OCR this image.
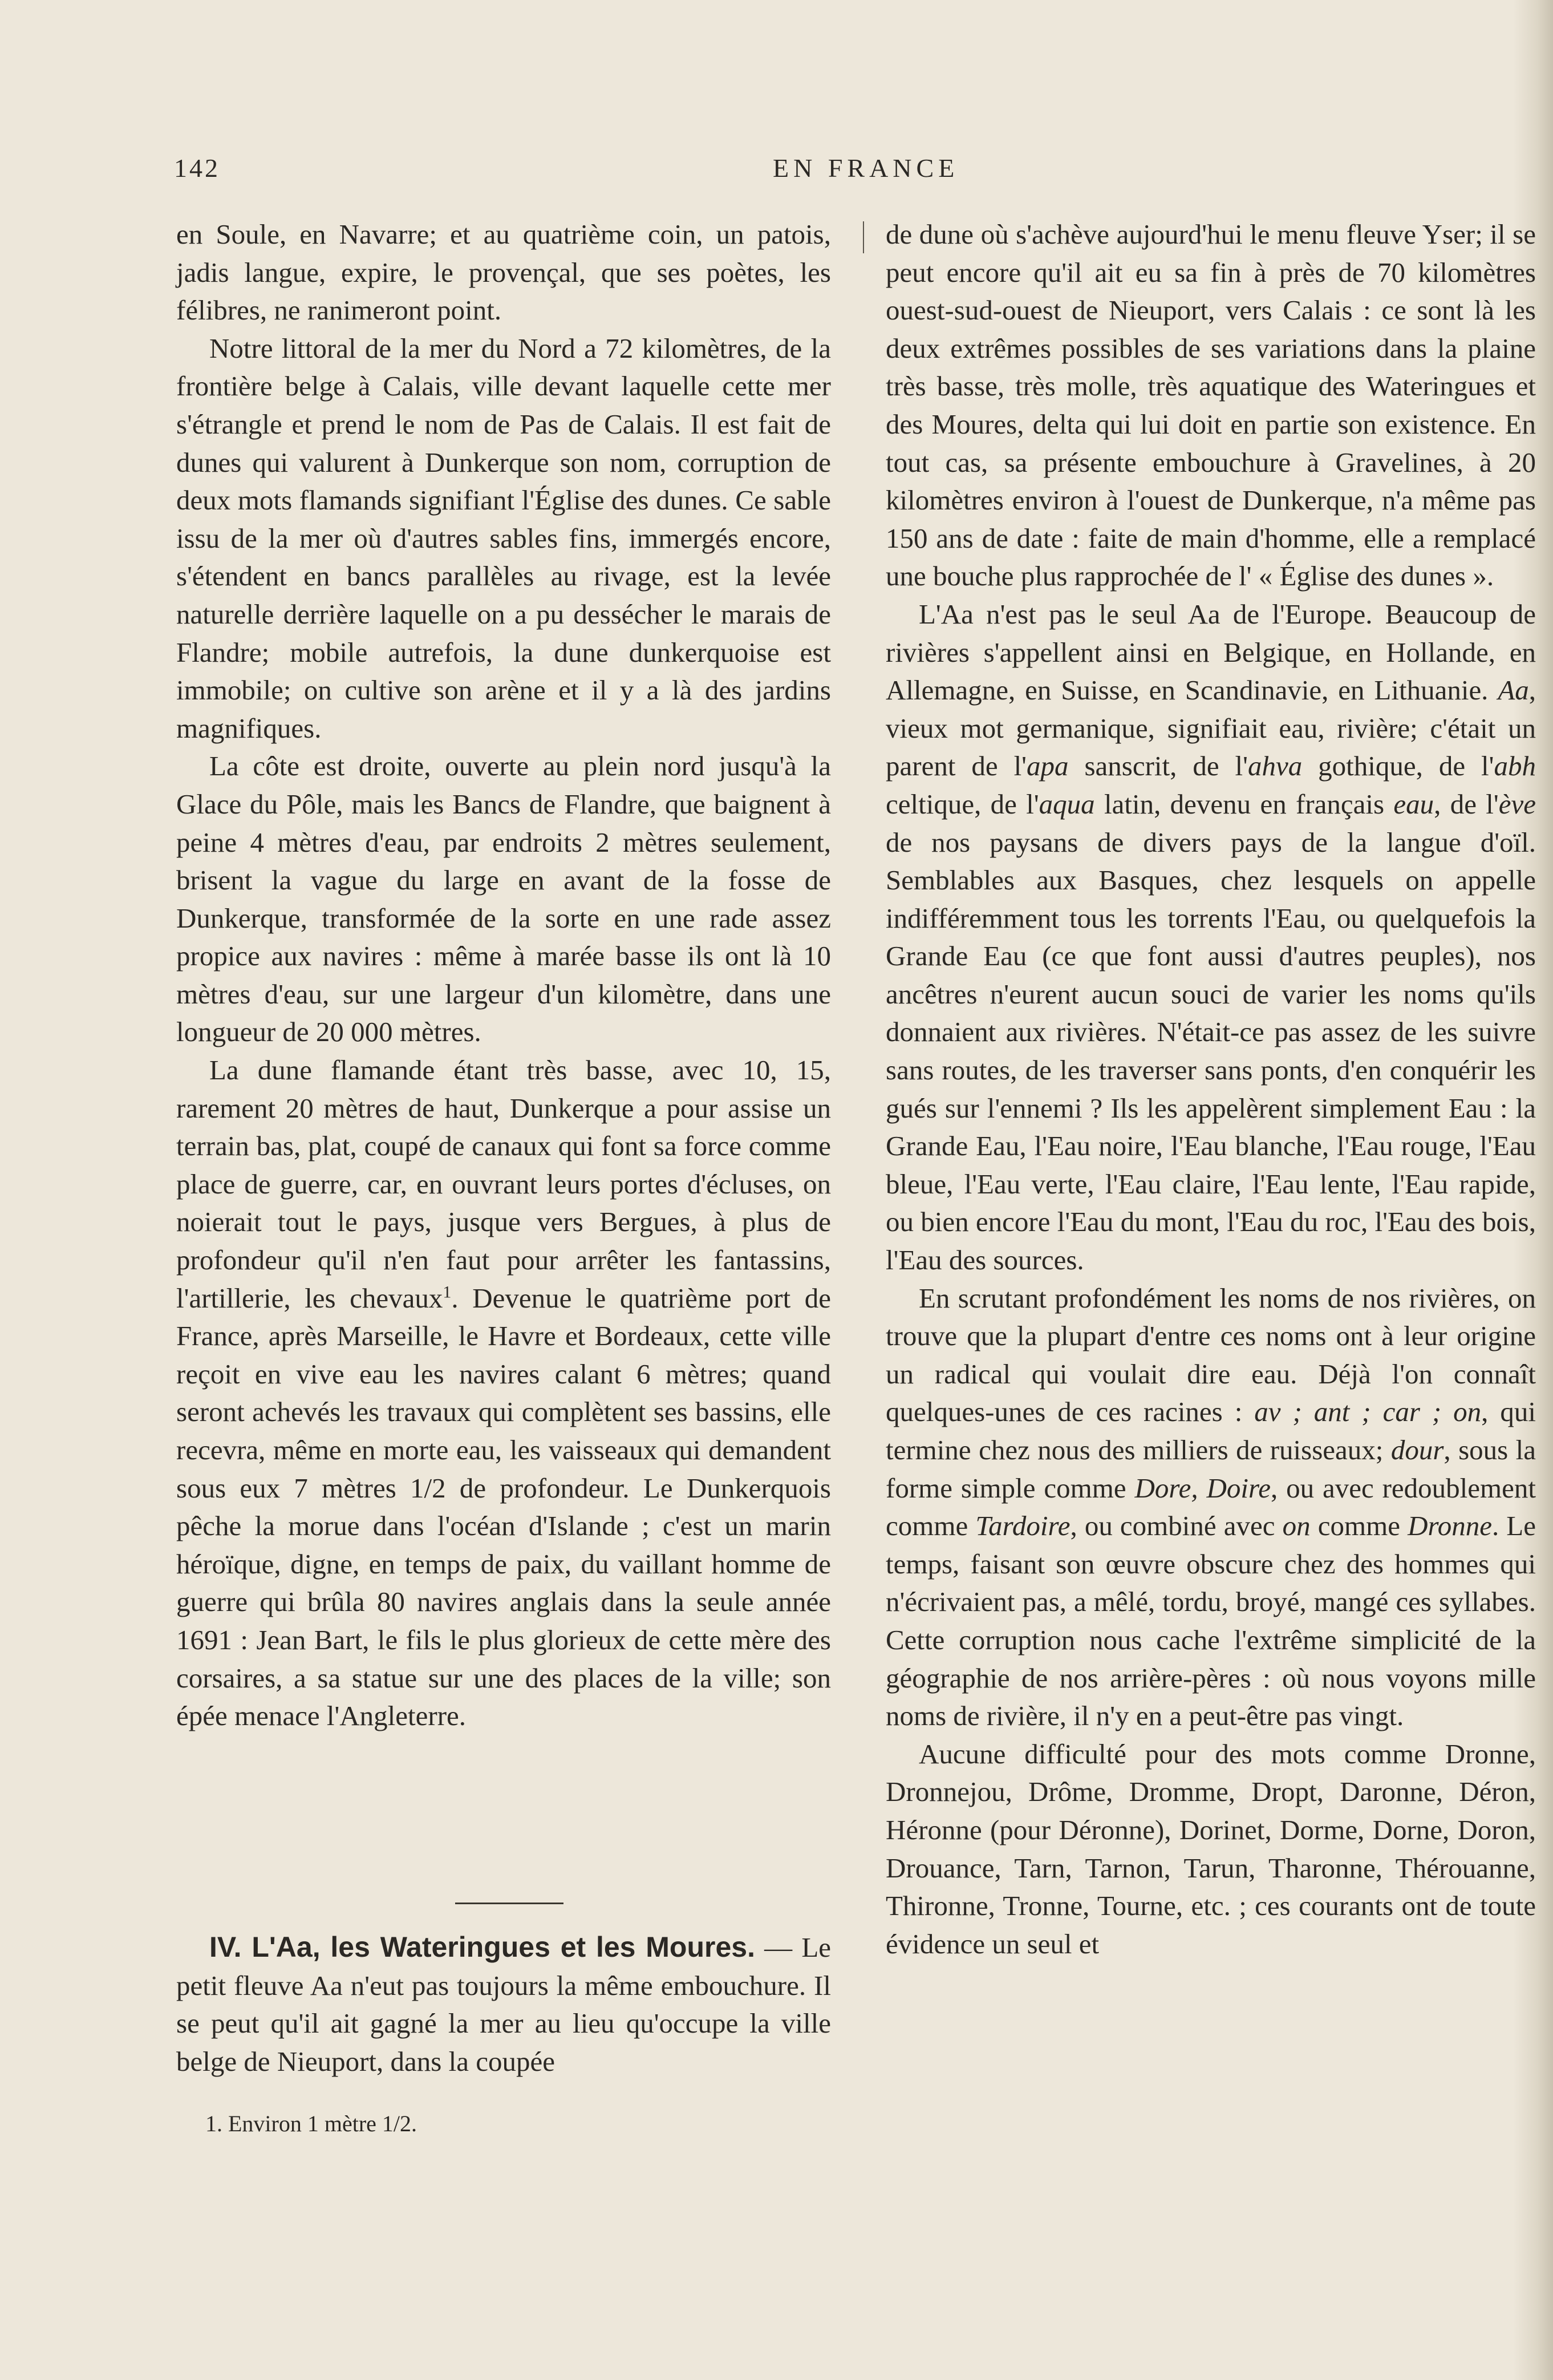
142	EN FRANCE

en Soule, en Navarre; et au quatrième coin, un patois, jadis langue, expire, le provençal, que ses poètes, les félibres, ne ranimeront point.

Notre littoral de la mer du Nord a 72 kilomètres, de la frontière belge à Calais, ville devant laquelle cette mer s'étrangle et prend le nom de Pas de Calais. Il est fait de dunes qui valurent à Dunkerque son nom, corruption de deux mots flamands signifiant l'Église des dunes. Ce sable issu de la mer où d'autres sables fins, immergés encore, s'étendent en bancs parallèles au rivage, est la levée naturelle derrière laquelle on a pu dessécher le marais de Flandre; mobile autrefois, la dune dunkerquoise est immobile; on cultive son arène et il y a là des jardins magnifiques.

La côte est droite, ouverte au plein nord jusqu'à la Glace du Pôle, mais les Bancs de Flandre, que baignent à peine 4 mètres d'eau, par endroits 2 mètres seulement, brisent la vague du large en avant de la fosse de Dunkerque, transformée de la sorte en une rade assez propice aux navires : même à marée basse ils ont là 10 mètres d'eau, sur une largeur d'un kilomètre, dans une longueur de 20 000 mètres.

La dune flamande étant très basse, avec 10, 15, rarement 20 mètres de haut, Dunkerque a pour assise un terrain bas, plat, coupé de canaux qui font sa force comme place de guerre, car, en ouvrant leurs portes d'écluses, on noierait tout le pays, jusque vers Bergues, à plus de profondeur qu'il n'en faut pour arrêter les fantassins, l'artillerie, les chevaux$^1$. Devenue le quatrième port de France, après Marseille, le Havre et Bordeaux, cette ville reçoit en vive eau les navires calant 6 mètres; quand seront achevés les travaux qui complètent ses bassins, elle recevra, même en morte eau, les vaisseaux qui demandent sous eux 7 mètres 1/2 de profondeur. Le Dunkerquois pêche la morue dans l'océan d'Islande ; c'est un marin héroïque, digne, en temps de paix, du vaillant homme de guerre qui brûla 80 navires anglais dans la seule année 1691 : Jean Bart, le fils le plus glorieux de cette mère des corsaires, a sa statue sur une des places de la ville; son épée menace l'Angleterre.

IV. L'Aa, les Wateringues et les Moures. — Le petit fleuve Aa n'eut pas toujours la même embouchure. Il se peut qu'il ait gagné la mer au lieu qu'occupe la ville belge de Nieuport, dans la coupée

1. Environ 1 mètre 1/2.

de dune où s'achève aujourd'hui le menu fleuve Yser; il se peut encore qu'il ait eu sa fin à près de 70 kilomètres ouest-sud-ouest de Nieuport, vers Calais : ce sont là les deux extrêmes possibles de ses variations dans la plaine très basse, très molle, très aquatique des Wateringues et des Moures, delta qui lui doit en partie son existence. En tout cas, sa présente embouchure à Gravelines, à 20 kilomètres environ à l'ouest de Dunkerque, n'a même pas 150 ans de date : faite de main d'homme, elle a remplacé une bouche plus rapprochée de l' « Église des dunes ».

L'Aa n'est pas le seul Aa de l'Europe. Beaucoup de rivières s'appellent ainsi en Belgique, en Hollande, en Allemagne, en Suisse, en Scandinavie, en Lithuanie. Aa, vieux mot germanique, signifiait eau, rivière; c'était un parent de l'apa sanscrit, de l'ahva gothique, de l'abh celtique, de l'aqua latin, devenu en français eau, de l'ève de nos paysans de divers pays de la langue d'oïl. Semblables aux Basques, chez lesquels on appelle indifféremment tous les torrents l'Eau, ou quelquefois la Grande Eau (ce que font aussi d'autres peuples), nos ancêtres n'eurent aucun souci de varier les noms qu'ils donnaient aux rivières. N'était-ce pas assez de les suivre sans routes, de les traverser sans ponts, d'en conquérir les gués sur l'ennemi ? Ils les appelèrent simplement Eau : la Grande Eau, l'Eau noire, l'Eau blanche, l'Eau rouge, l'Eau bleue, l'Eau verte, l'Eau claire, l'Eau lente, l'Eau rapide, ou bien encore l'Eau du mont, l'Eau du roc, l'Eau des bois, l'Eau des sources.

En scrutant profondément les noms de nos rivières, on trouve que la plupart d'entre ces noms ont à leur origine un radical qui voulait dire eau. Déjà l'on connaît quelques-unes de ces racines : av ; ant ; car ; on, qui termine chez nous des milliers de ruisseaux; dour, sous la forme simple comme Dore, Doire, ou avec redoublement comme Tardoire, ou combiné avec on comme Dronne. Le temps, faisant son œuvre obscure chez des hommes qui n'écrivaient pas, a mêlé, tordu, broyé, mangé ces syllabes. Cette corruption nous cache l'extrême simplicité de la géographie de nos arrière-pères : où nous voyons mille noms de rivière, il n'y en a peut-être pas vingt.

Aucune difficulté pour des mots comme Dronne, Dronnejou, Drôme, Dromme, Dropt, Daronne, Déron, Héronne (pour Déronne), Dorinet, Dorme, Dorne, Doron, Drouance, Tarn, Tarnon, Tarun, Tharonne, Thérouanne, Thironne, Tronne, Tourne, etc. ; ces courants ont de toute évidence un seul et
